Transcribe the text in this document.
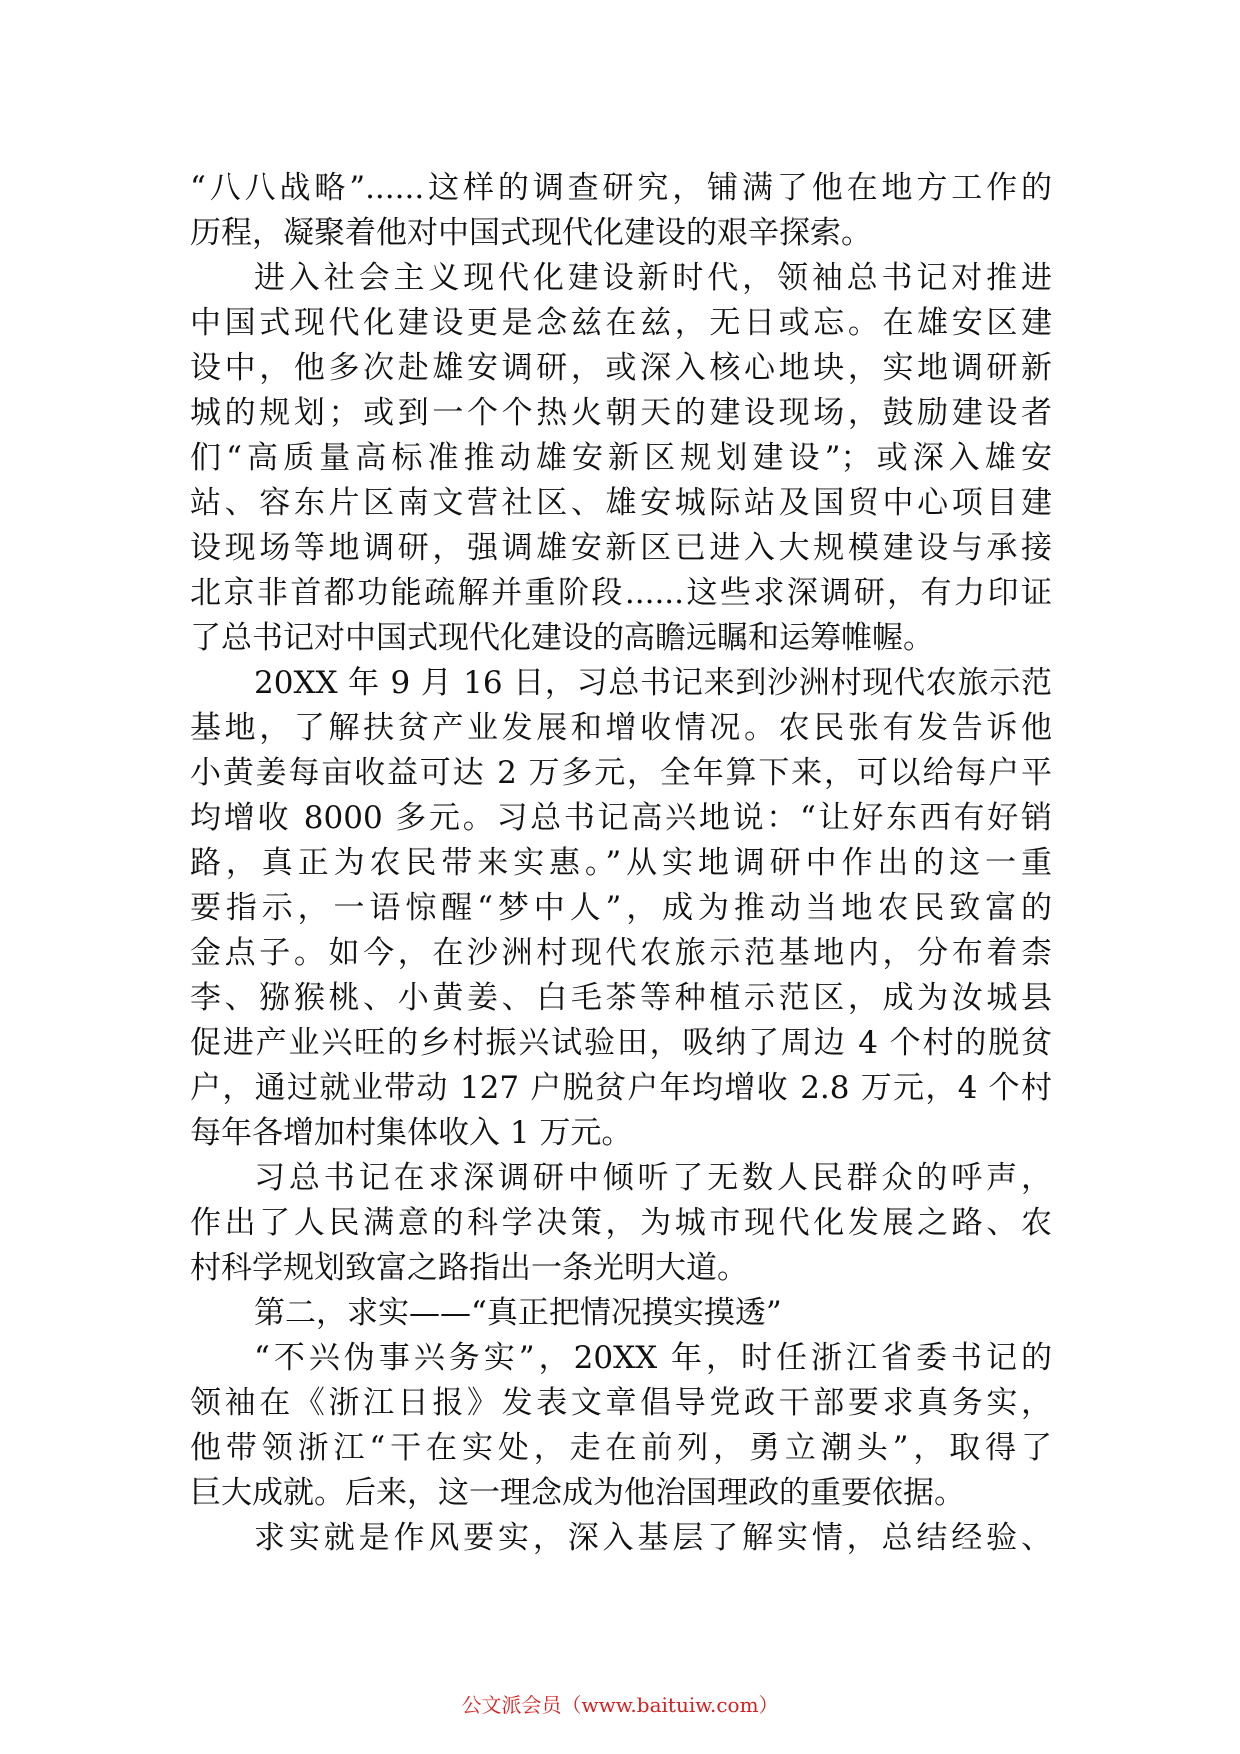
“八八战略”......这样的调查研究，铺满了他在地方工作的
历程，凝聚着他对中国式现代化建设的艰辛探索。
进入社会主义现代化建设新时代，领袖总书记对推进
中国式现代化建设更是念兹在兹，无日或忘。在雄安区建
设中，他多次赴雄安调研，或深入核心地块，实地调研新
城的规划；或到一个个热火朝天的建设现场，鼓励建设者
们“高质量高标准推动雄安新区规划建设”；或深入雄安
站、容东片区南文营社区、雄安城际站及国贸中心项目建
设现场等地调研，强调雄安新区已进入大规模建设与承接
北京非首都功能疏解并重阶段......这些求深调研，有力印证
了总书记对中国式现代化建设的高瞻远瞩和运筹帷幄。
20XX 年 9 月 16 日，习总书记来到沙洲村现代农旅示范
基地，了解扶贫产业发展和增收情况。农民张有发告诉他
小黄姜每亩收益可达 2 万多元，全年算下来，可以给每户平
均增收 8000 多元。习总书记高兴地说：“让好东西有好销
路，真正为农民带来实惠。”从实地调研中作出的这一重
要指示，一语惊醒“梦中人”，成为推动当地农民致富的
金点子。如今，在沙洲村现代农旅示范基地内，分布着柰
李、猕猴桃、小黄姜、白毛茶等种植示范区，成为汝城县
促进产业兴旺的乡村振兴试验田，吸纳了周边 4 个村的脱贫
户，通过就业带动 127 户脱贫户年均增收 2.8 万元，4 个村
每年各增加村集体收入 1 万元。
习总书记在求深调研中倾听了无数人民群众的呼声，
作出了人民满意的科学决策，为城市现代化发展之路、农
村科学规划致富之路指出一条光明大道。
第二，求实——“真正把情况摸实摸透”
“不兴伪事兴务实”，20XX 年，时任浙江省委书记的
领袖在《浙江日报》发表文章倡导党政干部要求真务实，
他带领浙江“干在实处，走在前列，勇立潮头”，取得了
巨大成就。后来，这一理念成为他治国理政的重要依据。
求实就是作风要实，深入基层了解实情，总结经验、
公文派会员（www.baituiw.com）
